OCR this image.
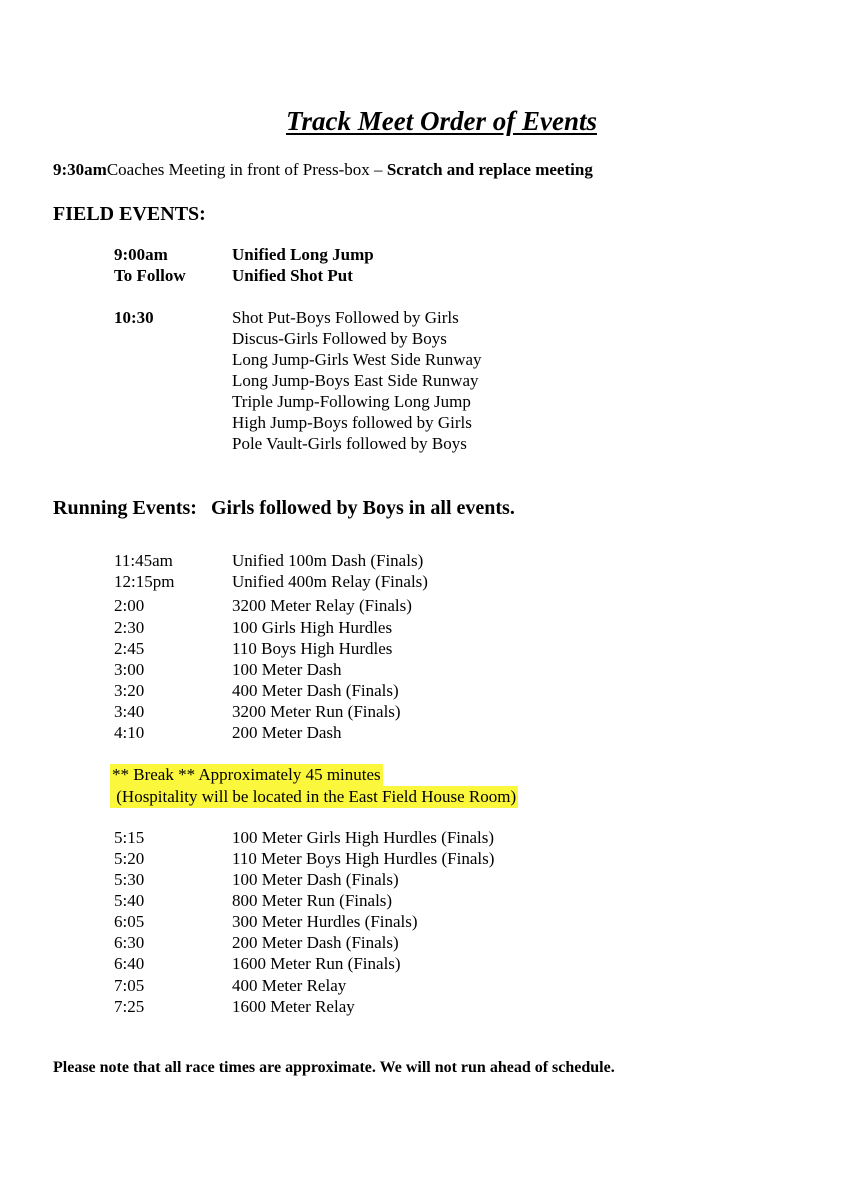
Track Meet Order of Events
9:30amCoaches Meeting in front of Press-box – Scratch and replace meeting
FIELD EVENTS:
9:00am	Unified Long Jump
To Follow	Unified Shot Put
10:30	Shot Put-Boys Followed by Girls
Discus-Girls Followed by Boys
Long Jump-Girls West Side Runway
Long Jump-Boys East Side Runway
Triple Jump-Following Long Jump
High Jump-Boys followed by Girls
Pole Vault-Girls followed by Boys
Running Events: Girls followed by Boys in all events.
11:45am	Unified 100m Dash (Finals)
12:15pm	Unified 400m Relay (Finals)
2:00	3200 Meter Relay (Finals)
2:30	100 Girls High Hurdles
2:45	110 Boys High Hurdles
3:00	100 Meter Dash
3:20	400 Meter Dash (Finals)
3:40	3200 Meter Run (Finals)
4:10	200 Meter Dash
** Break ** Approximately 45 minutes
(Hospitality will be located in the East Field House Room)
5:15	100 Meter Girls High Hurdles (Finals)
5:20	110 Meter Boys High Hurdles (Finals)
5:30	100 Meter Dash (Finals)
5:40	800 Meter Run (Finals)
6:05	300 Meter Hurdles (Finals)
6:30	200 Meter Dash (Finals)
6:40	1600 Meter Run (Finals)
7:05	400 Meter Relay
7:25	1600 Meter Relay
Please note that all race times are approximate. We will not run ahead of schedule.
